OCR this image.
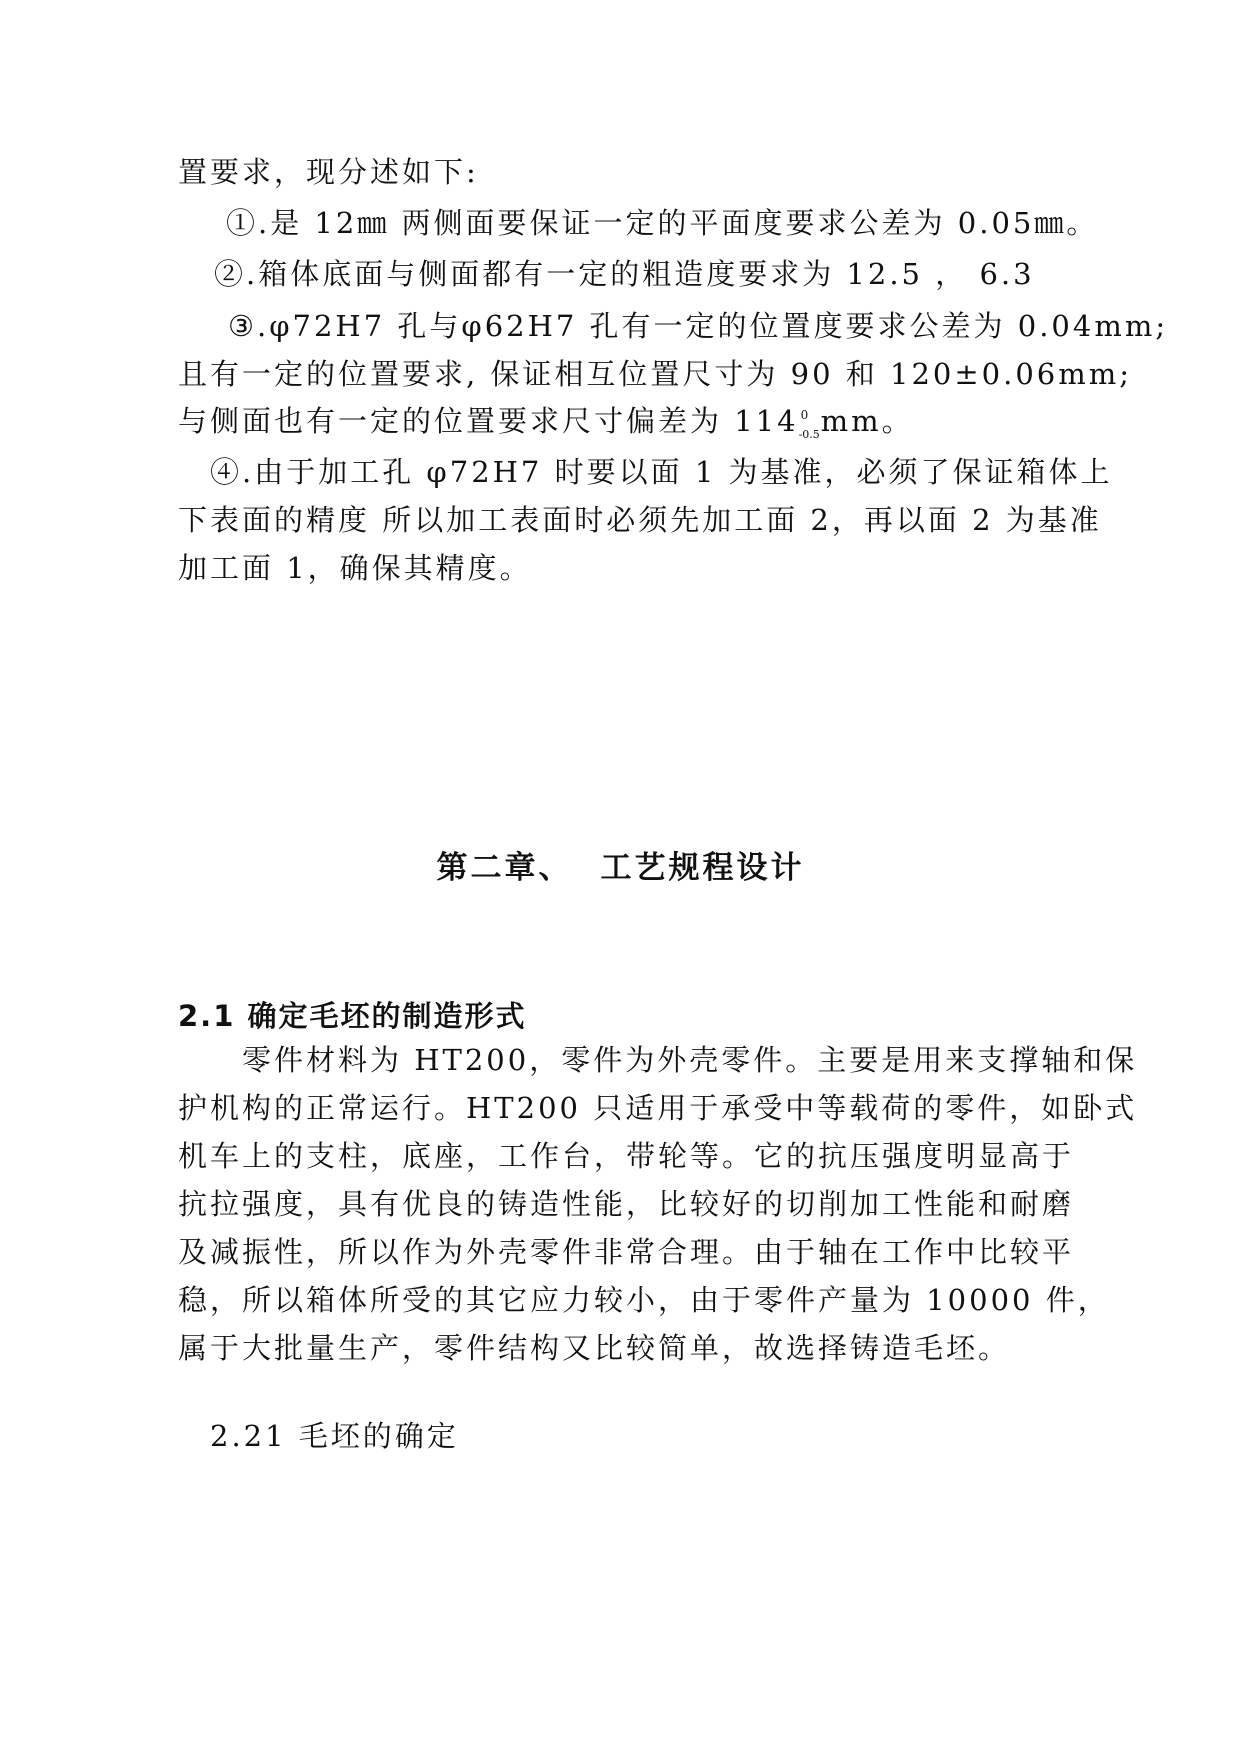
置要求，现分述如下:
①.是 12㎜ 两侧面要保证一定的平面度要求公差为 0.05㎜。
②.箱体底面与侧面都有一定的粗造度要求为 12.5 ， 6.3
③.φ72H7 孔与φ62H7 孔有一定的位置度要求公差为 0.04mm;
且有一定的位置要求, 保证相互位置尺寸为 90 和 120±0.06mm;
与侧面也有一定的位置要求尺寸偏差为 114 0
-0.5 mm。
④.由于加工孔 φ72H7 时要以面 1 为基准，必须了保证箱体上
下表面的精度 所以加工表面时必须先加工面 2，再以面 2 为基准
加工面 1，确保其精度。
第二章、 工艺规程设计
2.1 确定毛坯的制造形式
零件材料为 HT200，零件为外壳零件。主要是用来支撑轴和保
护机构的正常运行。HT200 只适用于承受中等载荷的零件，如卧式
机车上的支柱，底座，工作台，带轮等。它的抗压强度明显高于
抗拉强度，具有优良的铸造性能，比较好的切削加工性能和耐磨
及减振性，所以作为外壳零件非常合理。由于轴在工作中比较平
稳，所以箱体所受的其它应力较小，由于零件产量为 10000 件，
属于大批量生产，零件结构又比较简单，故选择铸造毛坯。
2.21 毛坯的确定
